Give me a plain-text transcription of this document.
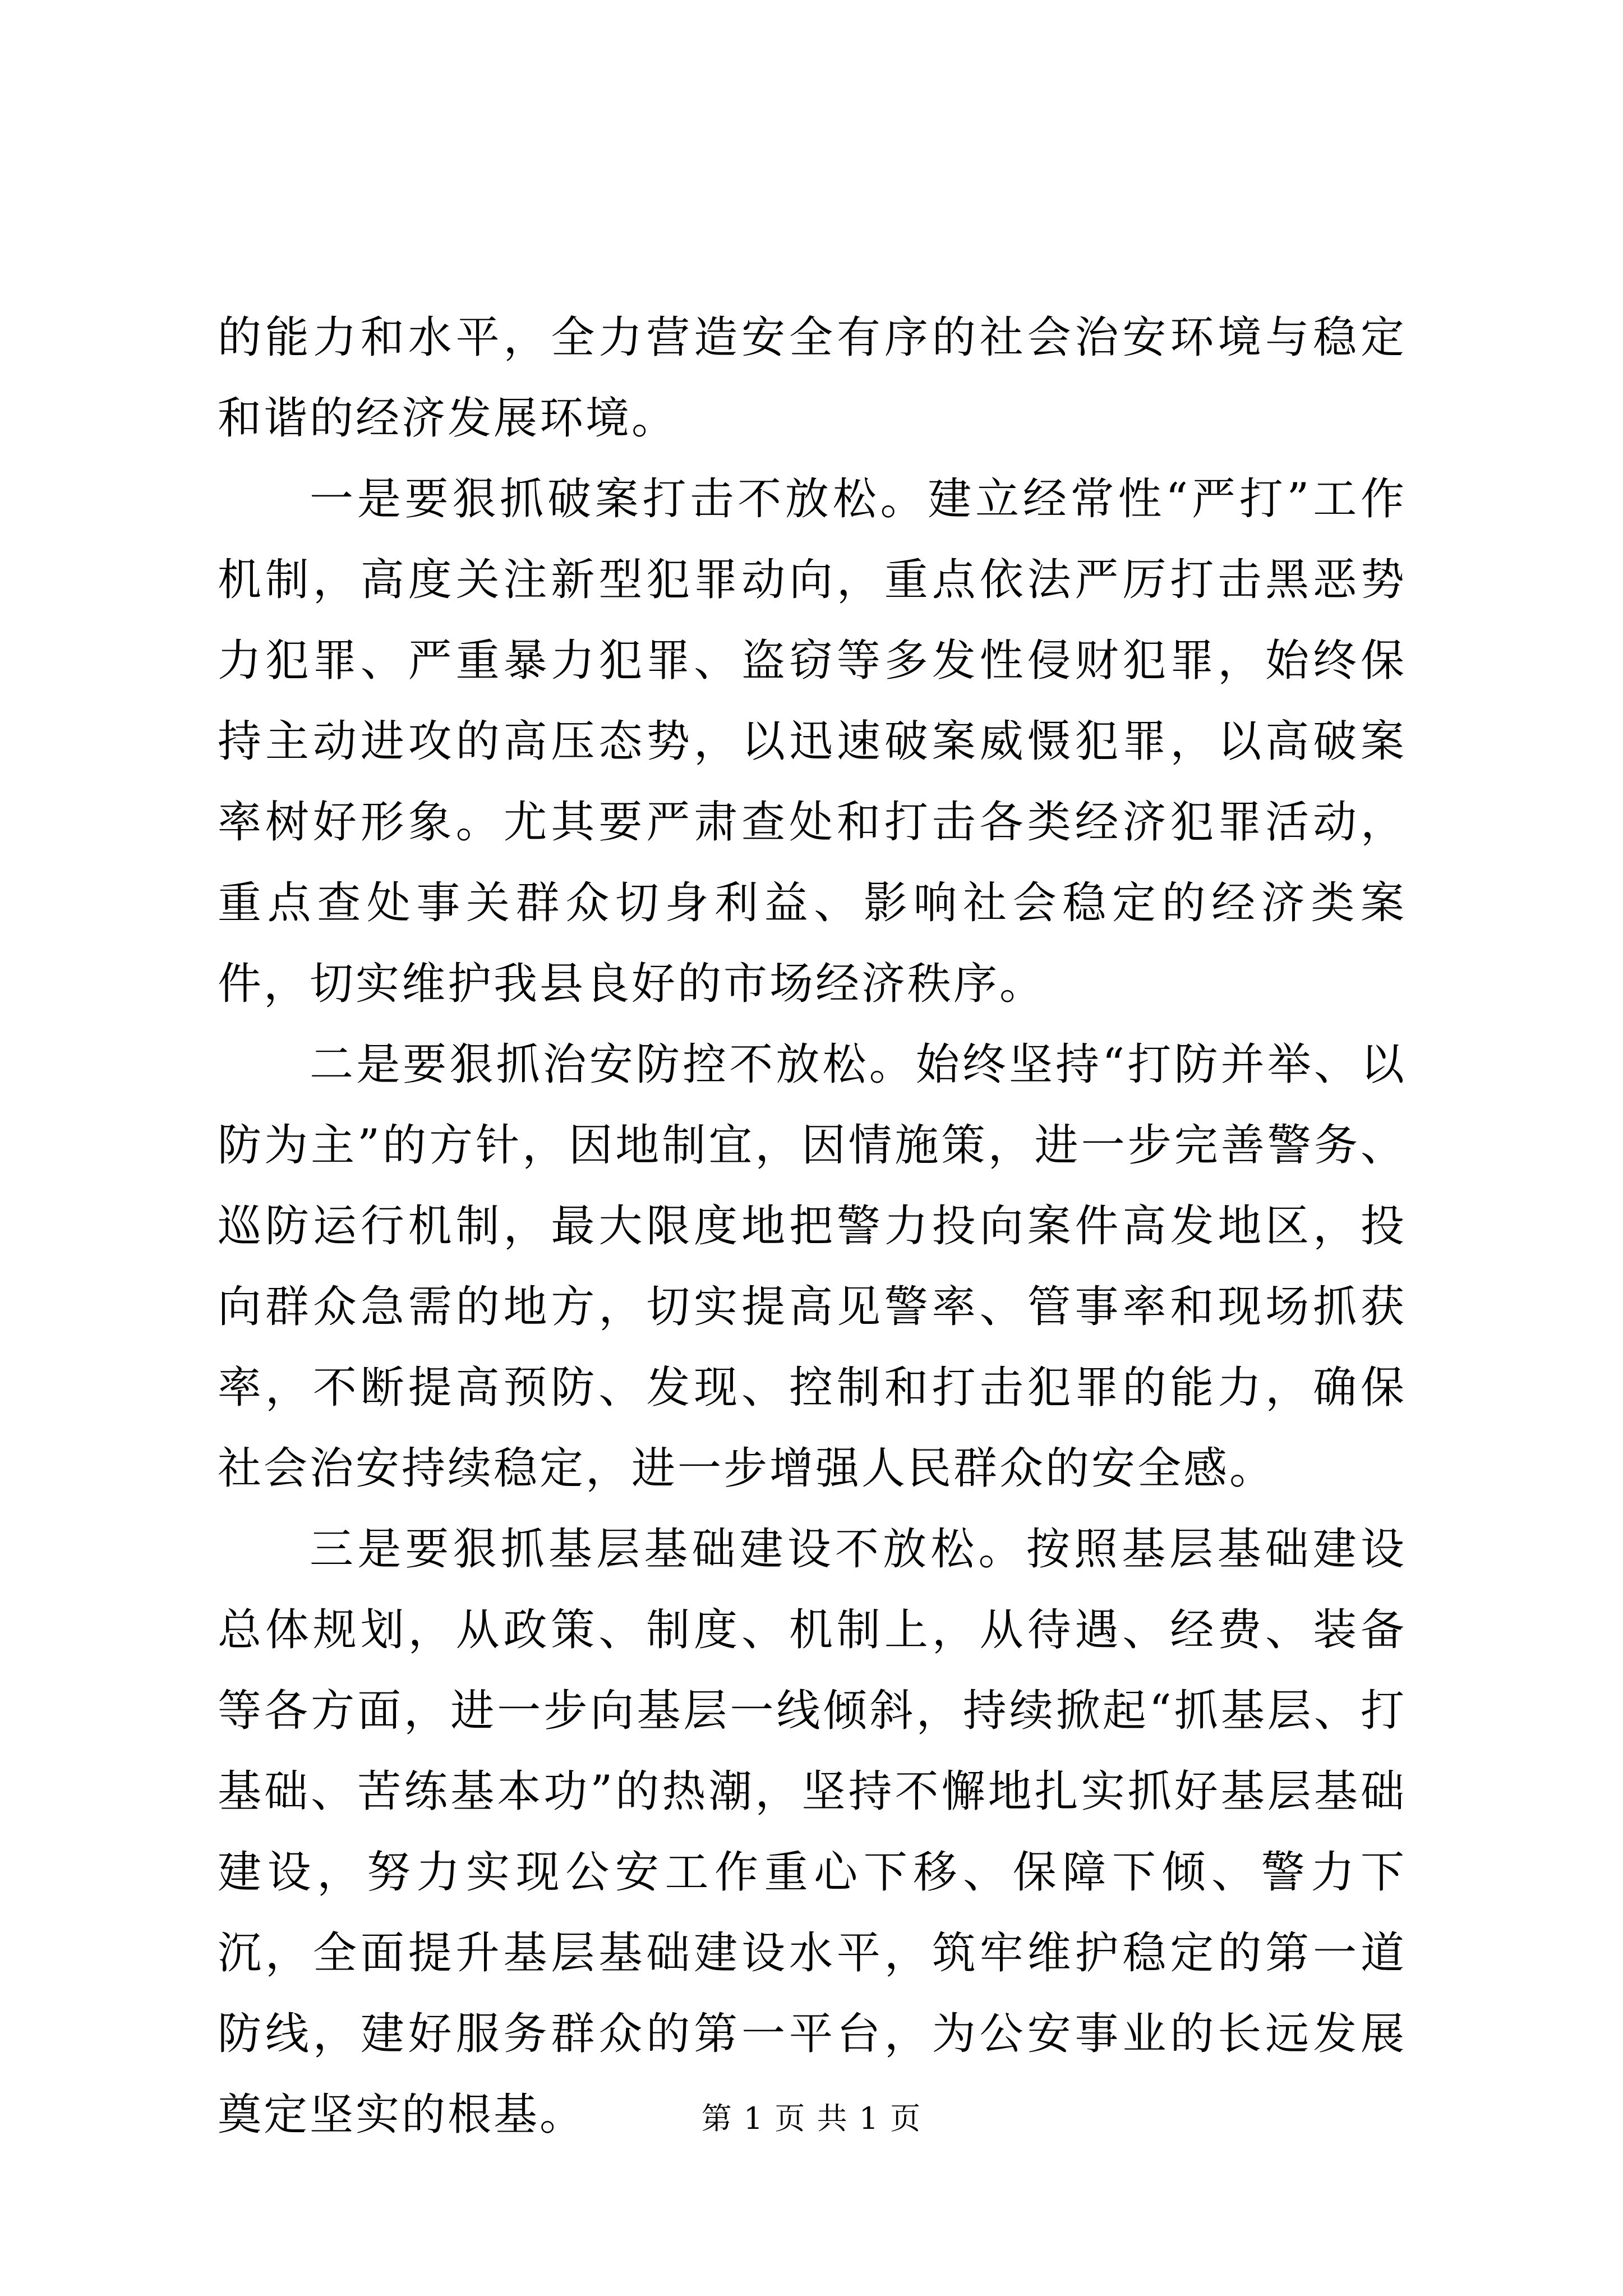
的能力和水平，全力营造安全有序的社会治安环境与稳定和谐的经济发展环境。

一是要狠抓破案打击不放松。建立经常性“严打”工作机制，高度关注新型犯罪动向，重点依法严厉打击黑恶势力犯罪、严重暴力犯罪、盗窃等多发性侵财犯罪，始终保持主动进攻的高压态势，以迅速破案威慑犯罪，以高破案率树好形象。尤其要严肃查处和打击各类经济犯罪活动，重点查处事关群众切身利益、影响社会稳定的经济类案件，切实维护我县良好的市场经济秩序。

二是要狠抓治安防控不放松。始终坚持“打防并举、以防为主”的方针，因地制宜，因情施策，进一步完善警务、巡防运行机制，最大限度地把警力投向案件高发地区，投向群众急需的地方，切实提高见警率、管事率和现场抓获率，不断提高预防、发现、控制和打击犯罪的能力，确保社会治安持续稳定，进一步增强人民群众的安全感。

三是要狠抓基层基础建设不放松。按照基层基础建设总体规划，从政策、制度、机制上，从待遇、经费、装备等各方面，进一步向基层一线倾斜，持续掀起“抓基层、打基础、苦练基本功”的热潮，坚持不懈地扎实抓好基层基础建设，努力实现公安工作重心下移、保障下倾、警力下沉，全面提升基层基础建设水平，筑牢维护稳定的第一道防线，建好服务群众的第一平台，为公安事业的长远发展奠定坚实的根基。	第 1 页 共 1 页
